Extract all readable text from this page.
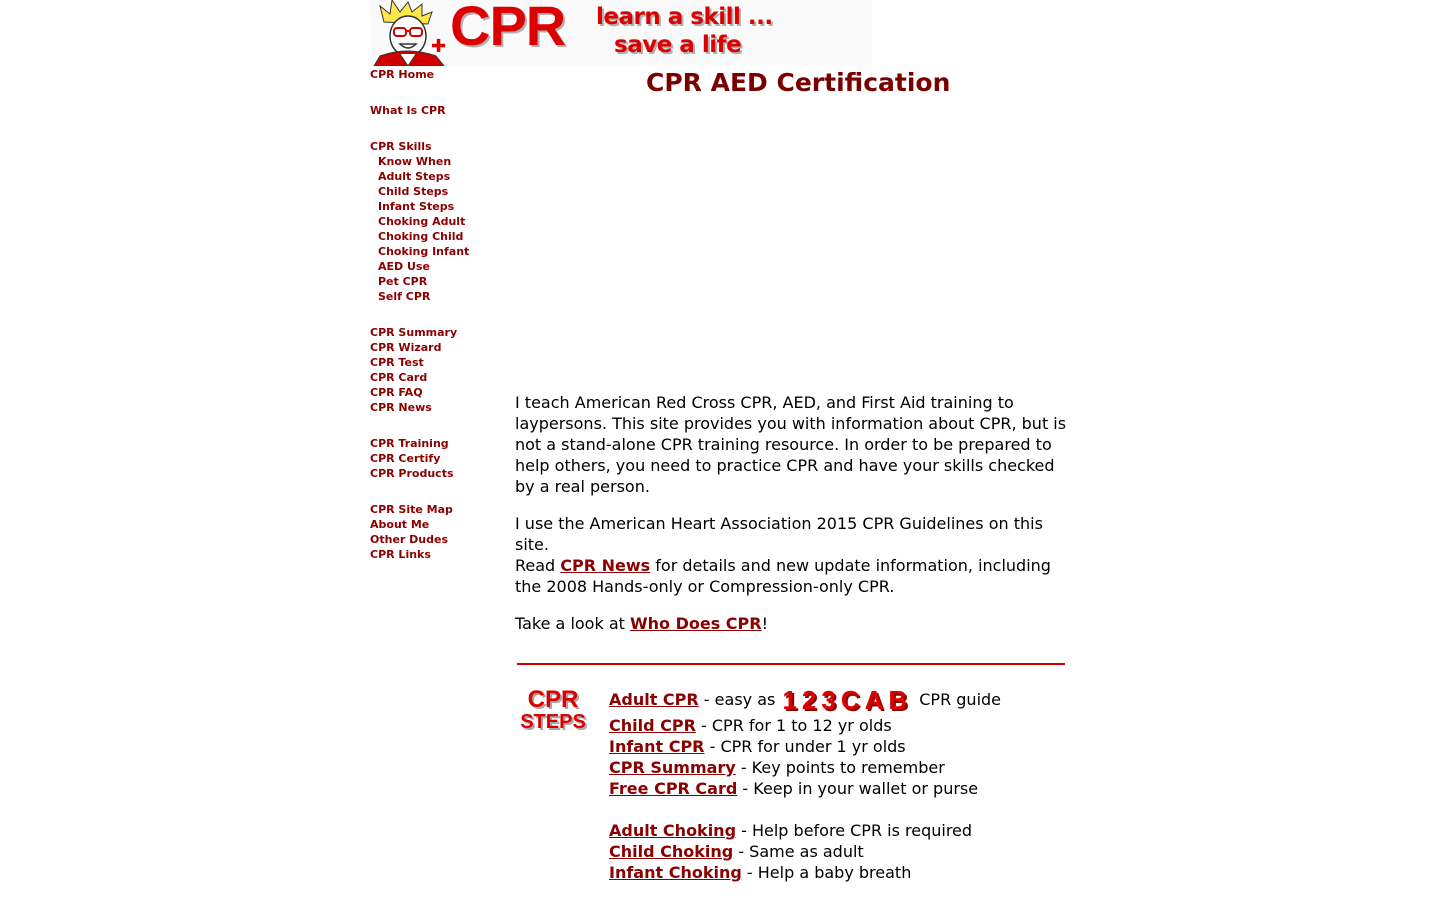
✚ CPR learn a skill ...
save a life
CPR AED Certification
CPR Home
What Is CPR
CPR Skills
Know When
Adult Steps
Child Steps
Infant Steps
Choking Adult
Choking Child
Choking Infant
AED Use
Pet CPR
Self CPR
CPR Summary
CPR Wizard
CPR Test
CPR Card
CPR FAQ
CPR News
CPR Training
CPR Certify
CPR Products
CPR Site Map
About Me
Other Dudes
CPR Links

I teach American Red Cross CPR, AED, and First Aid training to laypersons. This site provides you with information about CPR, but is not a stand-alone CPR training resource. In order to be prepared to help others, you need to practice CPR and have your skills checked by a real person.

I use the American Heart Association 2015 CPR Guidelines on this site.
Read CPR News for details and new update information, including the 2008 Hands-only or Compression-only CPR.

Take a look at Who Does CPR!

CPR
STEPS
Adult CPR - easy as 123CAB CPR guide
Child CPR - CPR for 1 to 12 yr olds
Infant CPR - CPR for under 1 yr olds
CPR Summary - Key points to remember
Free CPR Card - Keep in your wallet or purse
Adult Choking - Help before CPR is required
Child Choking - Same as adult
Infant Choking - Help a baby breath
